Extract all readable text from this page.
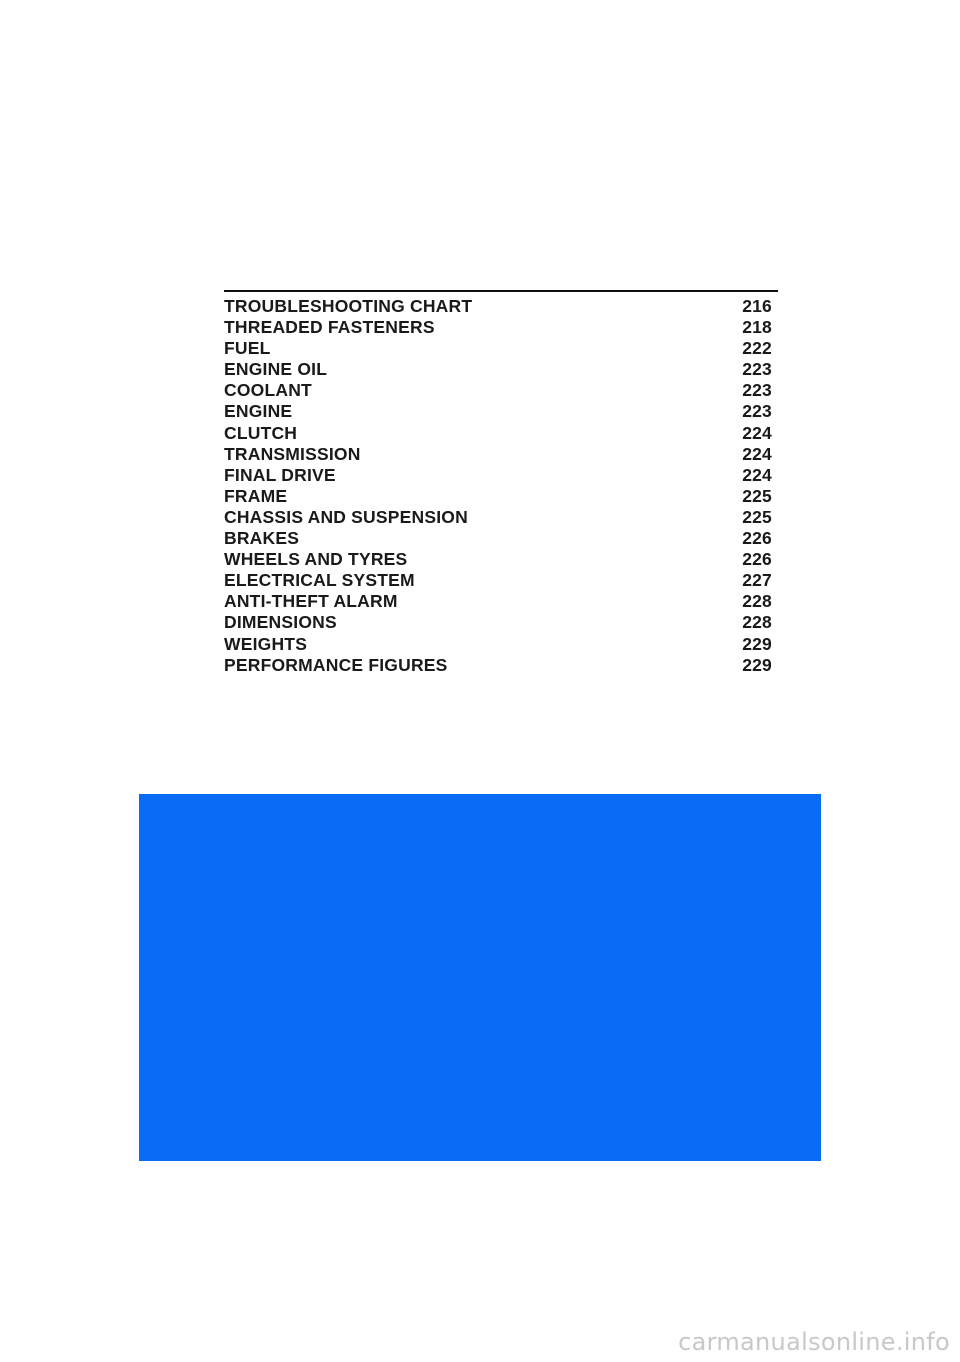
TROUBLESHOOTING CHART	216
THREADED FASTENERS	218
FUEL	222
ENGINE OIL	223
COOLANT	223
ENGINE	223
CLUTCH	224
TRANSMISSION	224
FINAL DRIVE	224
FRAME	225
CHASSIS AND SUSPENSION	225
BRAKES	226
WHEELS AND TYRES	226
ELECTRICAL SYSTEM	227
ANTI-THEFT ALARM	228
DIMENSIONS	228
WEIGHTS	229
PERFORMANCE FIGURES	229
carmanualsonline.info
